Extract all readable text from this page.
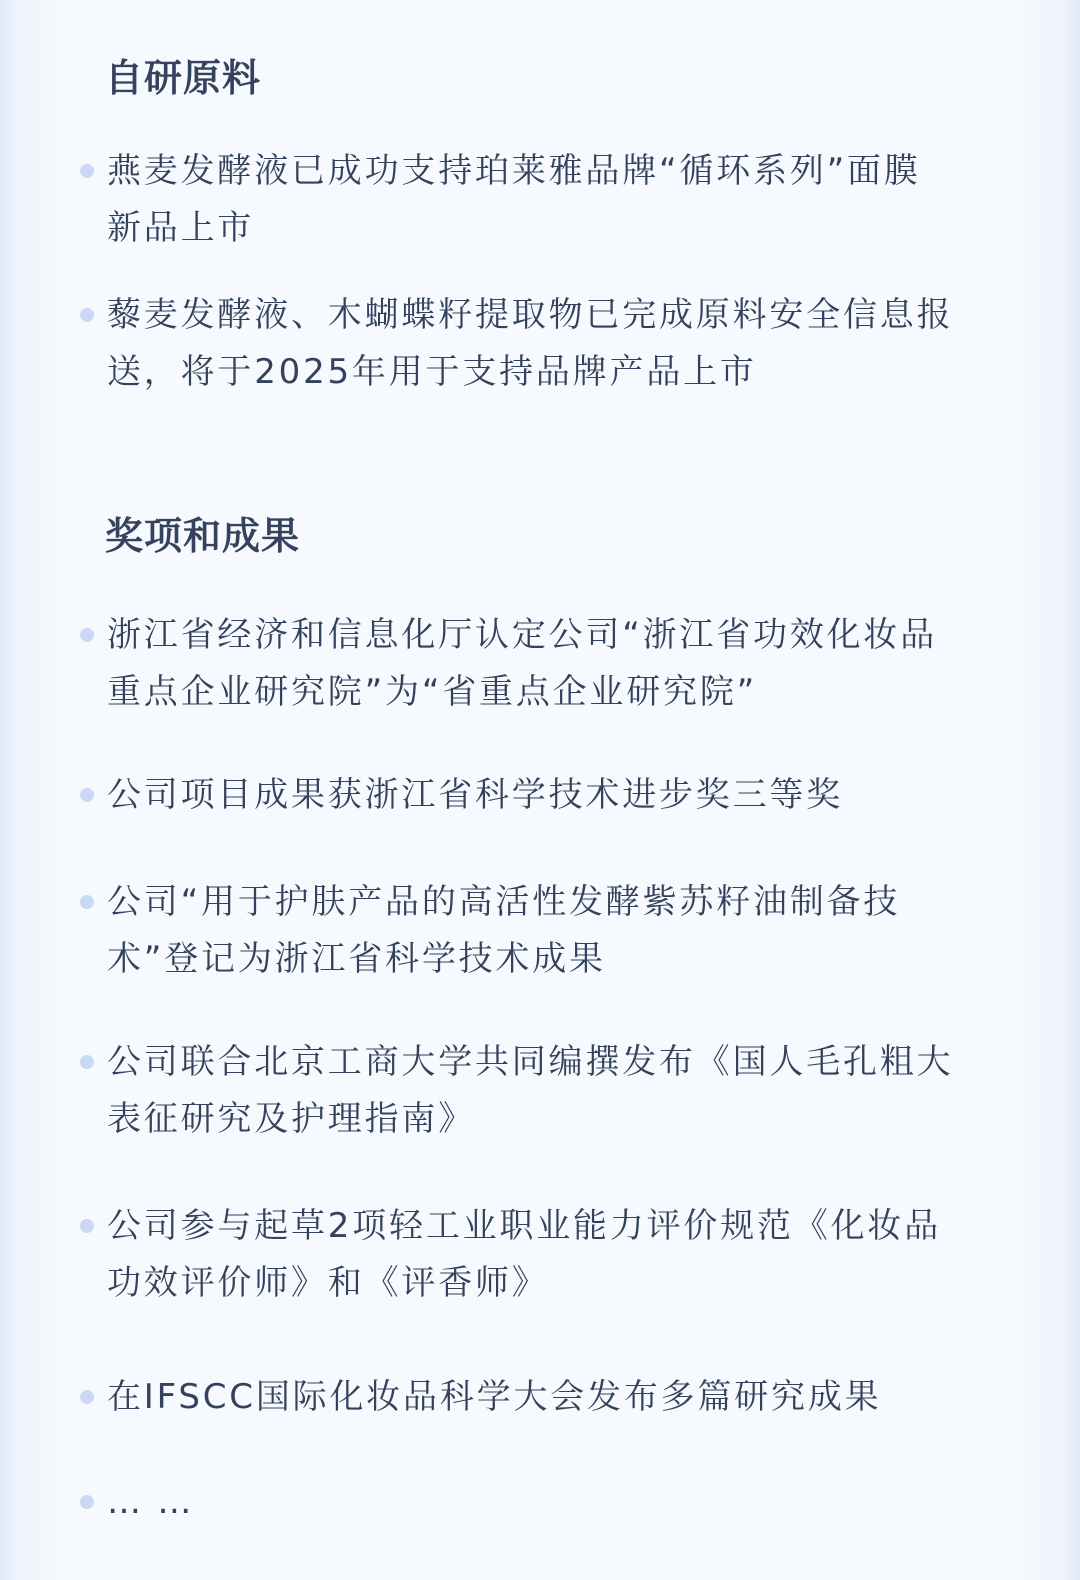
自研原料

燕麦发酵液已成功支持珀莱雅品牌“循环系列”面膜
新品上市

藜麦发酵液、木蝴蝶籽提取物已完成原料安全信息报
送，将于2025年用于支持品牌产品上市

奖项和成果

浙江省经济和信息化厅认定公司“浙江省功效化妆品
重点企业研究院”为“省重点企业研究院”

公司项目成果获浙江省科学技术进步奖三等奖

公司“用于护肤产品的高活性发酵紫苏籽油制备技
术”登记为浙江省科学技术成果

公司联合北京工商大学共同编撰发布《国人毛孔粗大
表征研究及护理指南》

公司参与起草2项轻工业职业能力评价规范《化妆品
功效评价师》和《评香师》

在IFSCC国际化妆品科学大会发布多篇研究成果

… …
